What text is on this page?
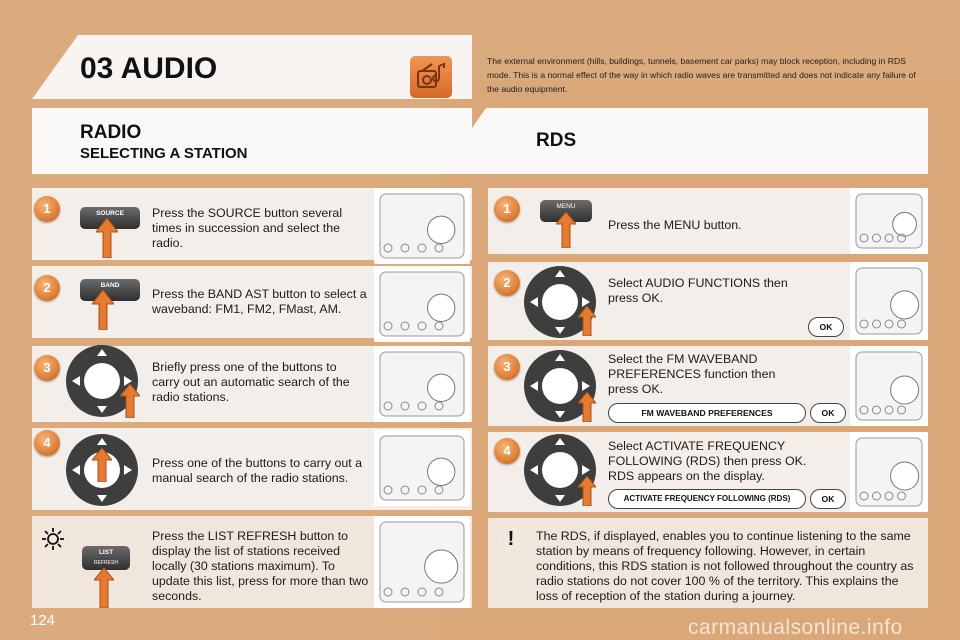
03 AUDIO	The external environment (hills, buildings, tunnels, basement car parks) may block reception, including in RDS mode. This is a normal effect of the way in which radio waves are transmitted and does not indicate any failure of the audio equipment.
RADIO
SELECTING A STATION
RDS
1	SOURCE	Press the SOURCE button several times in succession and select the radio.
2	BAND
Press the BAND AST button to select a waveband: FM1, FM2, FMast, AM.
3	Briefly press one of the buttons to carry out an automatic search of the radio stations.
4
Press one of the buttons to carry out a manual search of the radio stations.
LIST
REFRESH
Press the LIST REFRESH button to display the list of stations received locally (30 stations maximum). To update this list, press for more than two seconds.
1	MENU
Press the MENU button.
2	Select AUDIO FUNCTIONS then press OK.
OK
3	Select the FM WAVEBAND PREFERENCES function then press OK.
FM WAVEBAND PREFERENCES	OK
4	Select ACTIVATE FREQUENCY FOLLOWING (RDS) then press OK. RDS appears on the display.
ACTIVATE FREQUENCY FOLLOWING (RDS)	OK
!	The RDS, if displayed, enables you to continue listening to the same station by means of frequency following. However, in certain conditions, this RDS station is not followed throughout the country as radio stations do not cover 100 % of the territory. This explains the loss of reception of the station during a journey.
124	carmanualsonline.info
